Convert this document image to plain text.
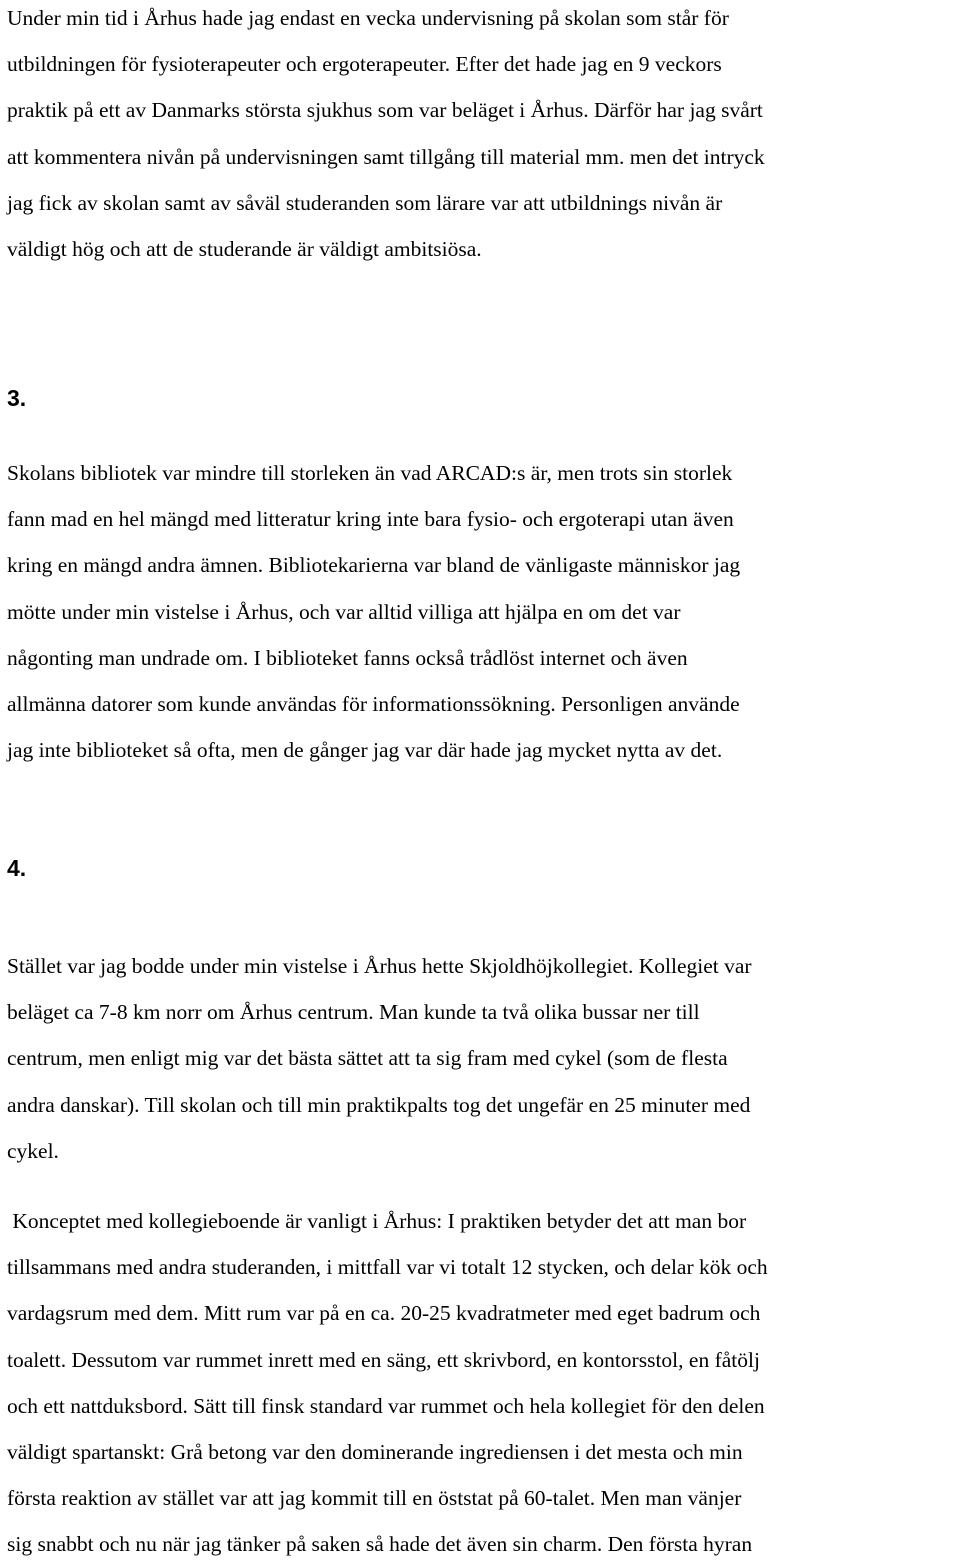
Under min tid i Århus hade jag endast en vecka undervisning på skolan som står för
utbildningen för fysioterapeuter och ergoterapeuter. Efter det hade jag en 9 veckors
praktik på ett av Danmarks största sjukhus som var beläget i Århus. Därför har jag svårt
att kommentera nivån på undervisningen samt tillgång till material mm. men det intryck
jag fick av skolan samt av såväl studeranden som lärare var att utbildnings nivån är
väldigt hög och att de studerande är väldigt ambitsiösa.
3.
Skolans bibliotek var mindre till storleken än vad ARCAD:s är, men trots sin storlek
fann mad en hel mängd med litteratur kring inte bara fysio- och ergoterapi utan även
kring en mängd andra ämnen. Bibliotekarierna var bland de vänligaste människor jag
mötte under min vistelse i Århus, och var alltid villiga att hjälpa en om det var
någonting man undrade om. I biblioteket fanns också trådlöst internet och även
allmänna datorer som kunde användas för informationssökning. Personligen använde
jag inte biblioteket så ofta, men de gånger jag var där hade jag mycket nytta av det.
4.
Stället var jag bodde under min vistelse i Århus hette Skjoldhöjkollegiet. Kollegiet var
beläget ca 7-8 km norr om Århus centrum. Man kunde ta två olika bussar ner till
centrum, men enligt mig var det bästa sättet att ta sig fram med cykel (som de flesta
andra danskar). Till skolan och till min praktikpalts tog det ungefär en 25 minuter med
cykel.
Konceptet med kollegieboende är vanligt i Århus: I praktiken betyder det att man bor
tillsammans med andra studeranden, i mittfall var vi totalt 12 stycken, och delar kök och
vardagsrum med dem. Mitt rum var på en ca. 20-25 kvadratmeter med eget badrum och
toalett. Dessutom var rummet inrett med en säng, ett skrivbord, en kontorsstol, en fåtölj
och ett nattduksbord. Sätt till finsk standard var rummet och hela kollegiet för den delen
väldigt spartanskt: Grå betong var den dominerande ingrediensen i det mesta och min
första reaktion av stället var att jag kommit till en öststat på 60-talet. Men man vänjer
sig snabbt och nu när jag tänker på saken så hade det även sin charm. Den första hyran
